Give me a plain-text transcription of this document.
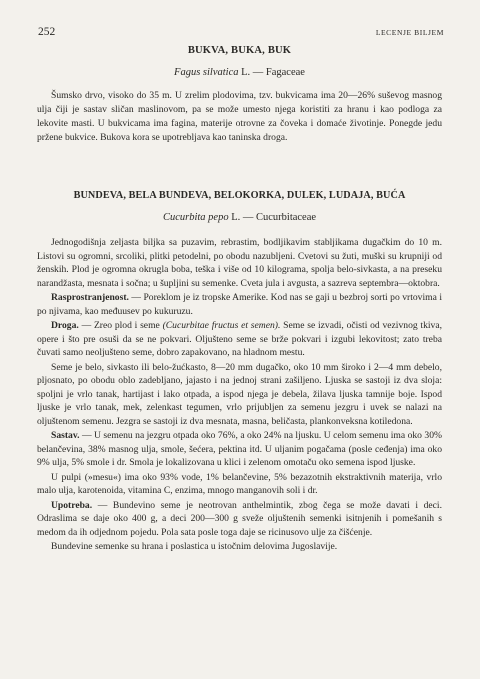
252	LECENJE BILJEM
BUKVA, BUKA, BUK
Fagus silvatica L. — Fagaceae
Šumsko drvo, visoko do 35 m. U zrelim plodovima, tzv. bukvicama ima 20—26% suševog masnog ulja čiji je sastav sličan maslinovom, pa se može umesto njega koristiti za hranu i kao podloga za lekovite masti. U bukvicama ima fagina, materije otrovne za čoveka i domaće životinje. Ponegde jedu pržene bukvice. Bukova kora se upotrebljava kao taninska droga.
BUNDEVA, BELA BUNDEVA, BELOKORKA, DULEK, LUDAJA, BUĆA
Cucurbita pepo L. — Cucurbitaceae

Jednogodišnja zeljasta biljka sa puzavim, rebrastim, bodljikavim stabljikama dugačkim do 10 m. Listovi su ogromni, srcoliki, plitki petodelni, po obodu nazubljeni. Cvetovi su žuti, muški su krupniji od ženskih. Plod je ogromna okrugla boba, teška i više od 10 kilograma, spolja belo-sivkasta, a na preseku narandžasta, mesnata i sočna; u šupljini su semenke. Cveta jula i avgusta, a sazreva septembra—oktobra.

Rasprostranjenost. — Poreklom je iz tropske Amerike. Kod nas se gaji u bezbroj sorti po vrtovima i po njivama, kao međuusev po kukuruzu.

Droga. — Zreo plod i seme (Cucurbitae fructus et semen). Seme se izvadi, očisti od vezivnog tkiva, opere i što pre osuši da se ne pokvari. Oljušteno seme se brže pokvari i izgubi lekovitost; zato treba čuvati samo neoljušteno seme, dobro zapakovano, na hladnom mestu.

Seme je belo, sivkasto ili belo-žućkasto, 8—20 mm dugačko, oko 10 mm široko i 2—4 mm debelo, pljosnato, po obodu oblo zadebljano, jajasto i na jednoj strani zašiljeno. Ljuska se sastoji iz dva sloja: spoljni je vrlo tanak, hartijast i lako otpada, a ispod njega je debela, žilava ljuska tamnije boje. Ispod ljuske je vrlo tanak, mek, zelenkast tegumen, vrlo prijubljen za semenu jezgru i uvek se nalazi na oljuštenom semenu. Jezgra se sastoji iz dva mesnata, masna, beličasta, plankonveksna kotiledona.

Sastav. — U semenu na jezgru otpada oko 76%, a oko 24% na ljusku. U celom semenu ima oko 30% belančevina, 38% masnog ulja, smole, šećera, pektina itd. U uljanim pogačama (posle ceđenja) ima oko 9% ulja, 5% smole i dr. Smola je lokalizovana u klici i zelenom omotaču oko semena ispod ljuske.

U pulpi (»mesu«) ima oko 93% vode, 1% belančevine, 5% bezazotnih ekstraktivnih materija, vrlo malo ulja, karotenoida, vitamina C, enzima, mnogo manganovih soli i dr.

Upotreba. — Bundevino seme je neotrovan anthelmintik, zbog čega se može davati i deci. Odraslima se daje oko 400 g, a deci 200—300 g sveže oljuštenih semenki isitnjenih i pomešanih s medom da ih odjednom pojedu. Pola sata posle toga daje se ricinusovo ulje za čišćenje.

Bundevine semenke su hrana i poslastica u istočnim delovima Jugoslavije.
